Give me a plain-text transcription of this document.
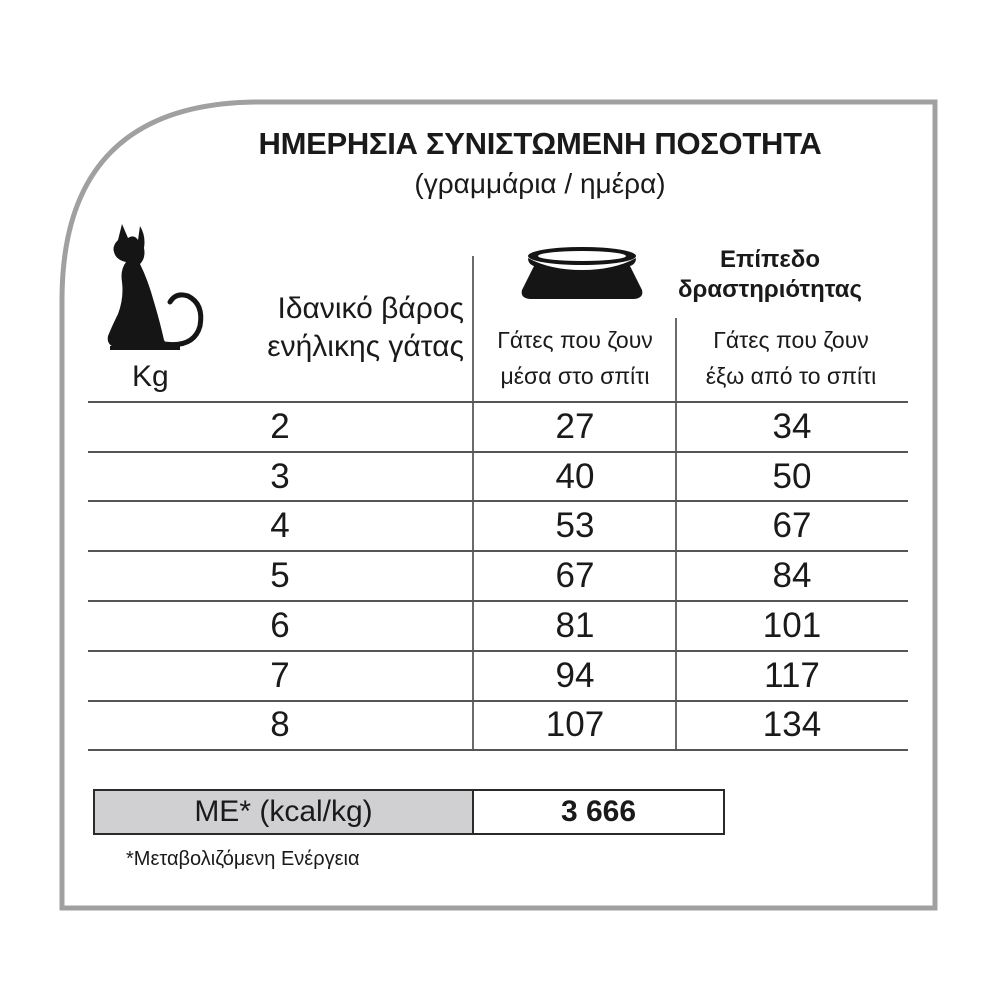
ΗΜΕΡΗΣΙΑ ΣΥΝΙΣΤΩΜΕΝΗ ΠΟΣΟΤΗΤΑ
(γραμμάρια / ημέρα)
Ιδανικό βάρος
ενήλικης γάτας
Kg
Επίπεδο
δραστηριότητας
Γάτες που ζουν
μέσα στο σπίτι
Γάτες που ζουν
έξω από το σπίτι
2	27	34
3	40	50
4	53	67
5	67	84
6	81	101
7	94	117
8	107	134
ME* (kcal/kg)	3 666
*Μεταβολιζόμενη Ενέργεια
